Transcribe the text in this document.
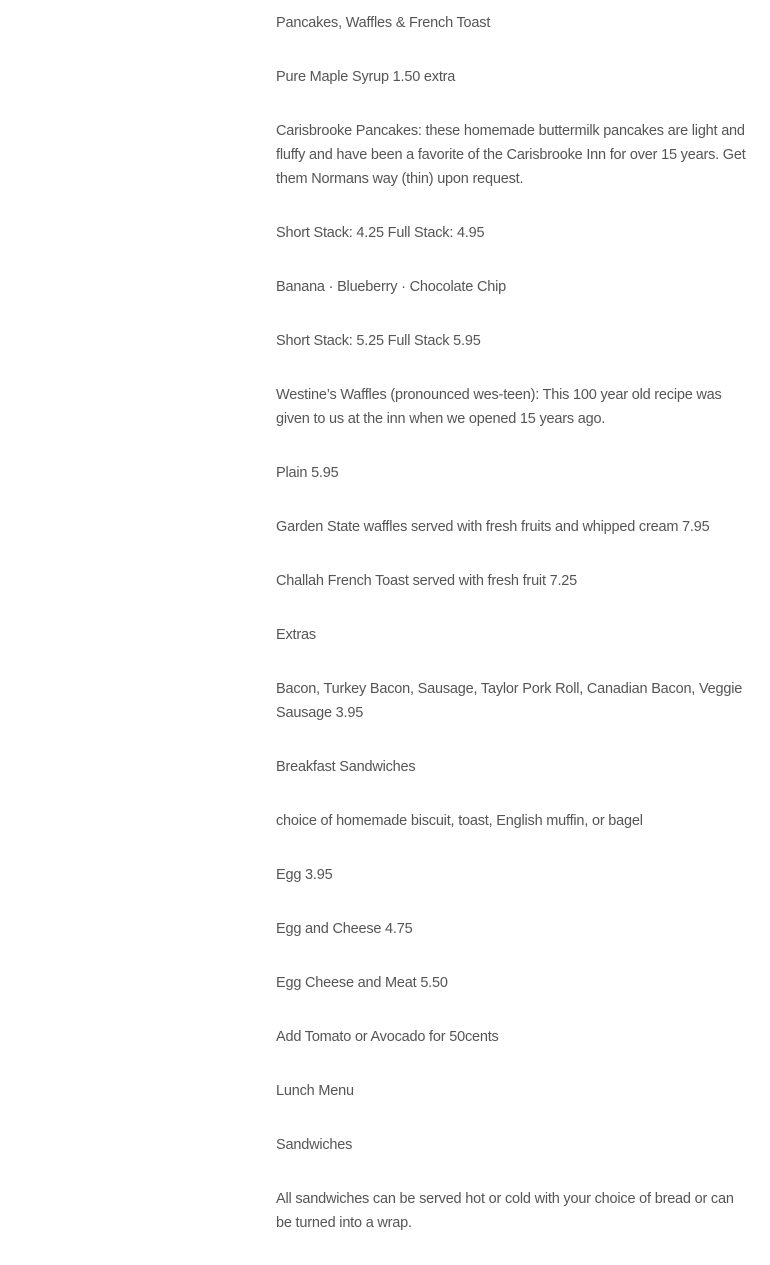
Pancakes, Waffles & French Toast

Pure Maple Syrup 1.50 extra

Carisbrooke Pancakes: these homemade buttermilk pancakes are light and fluffy and have been a favorite of the Carisbrooke Inn for over 15 years. Get them Normans way (thin) upon request.

Short Stack: 4.25 Full Stack: 4.95

Banana · Blueberry · Chocolate Chip

Short Stack: 5.25 Full Stack 5.95

Westine’s Waffles (pronounced wes-teen): This 100 year old recipe was given to us at the inn when we opened 15 years ago.

Plain 5.95

Garden State waffles served with fresh fruits and whipped cream 7.95

Challah French Toast served with fresh fruit 7.25

Extras

Bacon, Turkey Bacon, Sausage, Taylor Pork Roll, Canadian Bacon, Veggie Sausage 3.95

Breakfast Sandwiches

choice of homemade biscuit, toast, English muffin, or bagel

Egg 3.95

Egg and Cheese 4.75

Egg Cheese and Meat 5.50

Add Tomato or Avocado for 50cents

Lunch Menu

Sandwiches

All sandwiches can be served hot or cold with your choice of bread or can be turned into a wrap.
